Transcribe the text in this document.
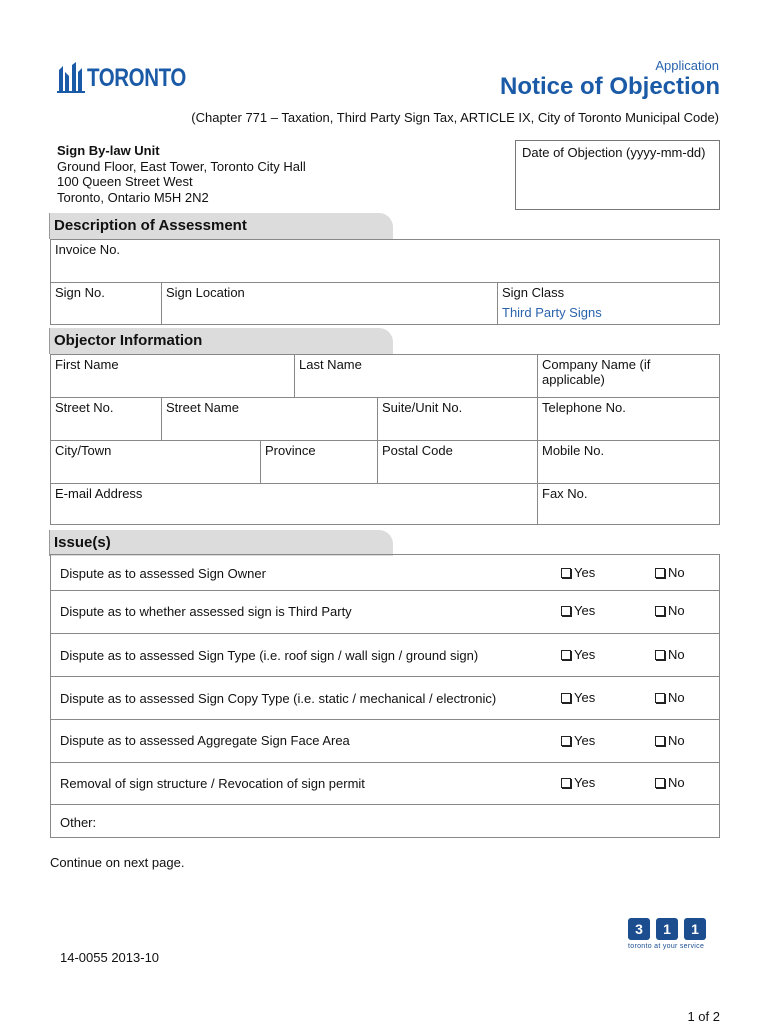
TORONTO	Application
Notice of Objection
(Chapter 771 – Taxation, Third Party Sign Tax, ARTICLE IX, City of Toronto Municipal Code)
Sign By-law Unit
Ground Floor, East Tower, Toronto City Hall
100 Queen Street West
Toronto, Ontario M5H 2N2
Date of Objection (yyyy-mm-dd)
Description of Assessment
Invoice No.
Sign No.	Sign Location	Sign Class
Third Party Signs
Objector Information
First Name	Last Name	Company Name (if applicable)
Street No.	Street Name	Suite/Unit No.	Telephone No.
City/Town	Province	Postal Code	Mobile No.
E-mail Address	Fax No.
Issue(s)
Dispute as to assessed Sign Owner	Yes	No
Dispute as to whether assessed sign is Third Party	Yes	No
Dispute as to assessed Sign Type (i.e. roof sign / wall sign / ground sign)	Yes	No
Dispute as to assessed Sign Copy Type (i.e. static / mechanical / electronic)	Yes	No
Dispute as to assessed Aggregate Sign Face Area	Yes	No
Removal of sign structure / Revocation of sign permit	Yes	No
Other:
Continue on next page.
3	1	1
toronto at your service
14-0055 2013-10
1 of 2
